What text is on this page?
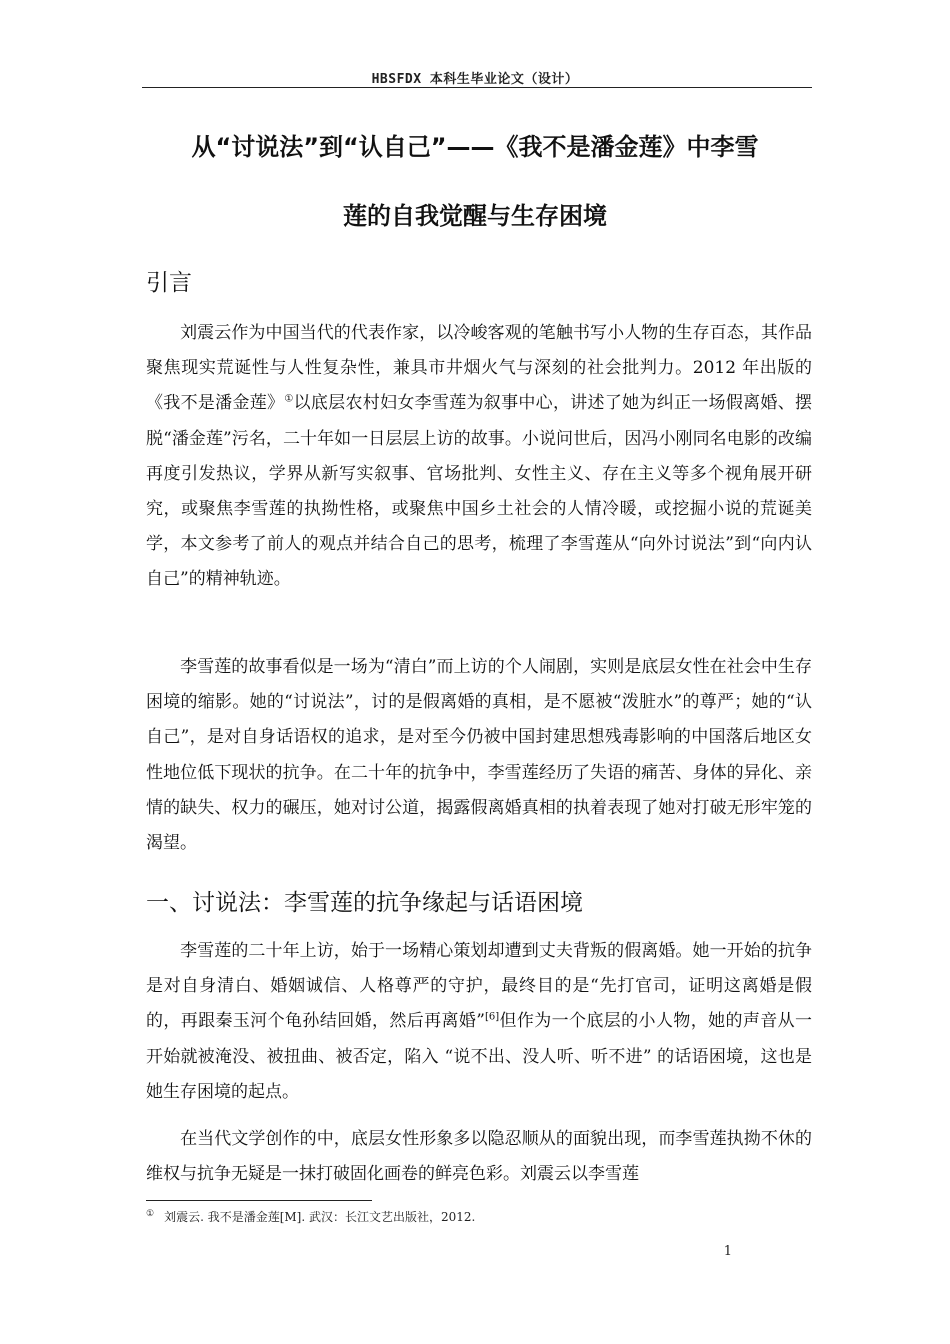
HBSFDX 本科生毕业论文（设计）
从“讨说法”到“认自己”——《我不是潘金莲》中李雪
莲的自我觉醒与生存困境
引言

刘震云作为中国当代的代表作家，以冷峻客观的笔触书写小人物的生存百态，其作品聚焦现实荒诞性与人性复杂性，兼具市井烟火气与深刻的社会批判力。2012 年出版的《我不是潘金莲》①以底层农村妇女李雪莲为叙事中心，讲述了她为纠正一场假离婚、摆脱“潘金莲”污名，二十年如一日层层上访的故事。小说问世后，因冯小刚同名电影的改编再度引发热议，学界从新写实叙事、官场批判、女性主义、存在主义等多个视角展开研究，或聚焦李雪莲的执拗性格，或聚焦中国乡土社会的人情冷暖，或挖掘小说的荒诞美学，本文参考了前人的观点并结合自己的思考，梳理了李雪莲从“向外讨说法”到“向内认自己”的精神轨迹。

李雪莲的故事看似是一场为“清白”而上访的个人闹剧，实则是底层女性在社会中生存困境的缩影。她的“讨说法”，讨的是假离婚的真相，是不愿被“泼脏水”的尊严；她的“认自己”，是对自身话语权的追求，是对至今仍被中国封建思想残毒影响的中国落后地区女性地位低下现状的抗争。在二十年的抗争中，李雪莲经历了失语的痛苦、身体的异化、亲情的缺失、权力的碾压，她对讨公道，揭露假离婚真相的执着表现了她对打破无形牢笼的渴望。

一、讨说法：李雪莲的抗争缘起与话语困境

李雪莲的二十年上访，始于一场精心策划却遭到丈夫背叛的假离婚。她一开始的抗争是对自身清白、婚姻诚信、人格尊严的守护，最终目的是“先打官司，证明这离婚是假的，再跟秦玉河个龟孙结回婚，然后再离婚”[6]但作为一个底层的小人物，她的声音从一开始就被淹没、被扭曲、被否定，陷入 “说不出、没人听、听不进” 的话语困境，这也是她生存困境的起点。

在当代文学创作的中，底层女性形象多以隐忍顺从的面貌出现，而李雪莲执拗不休的维权与抗争无疑是一抹打破固化画卷的鲜亮色彩。刘震云以李雪莲

① 刘震云. 我不是潘金莲[M]. 武汉：长江文艺出版社，2012.
1
